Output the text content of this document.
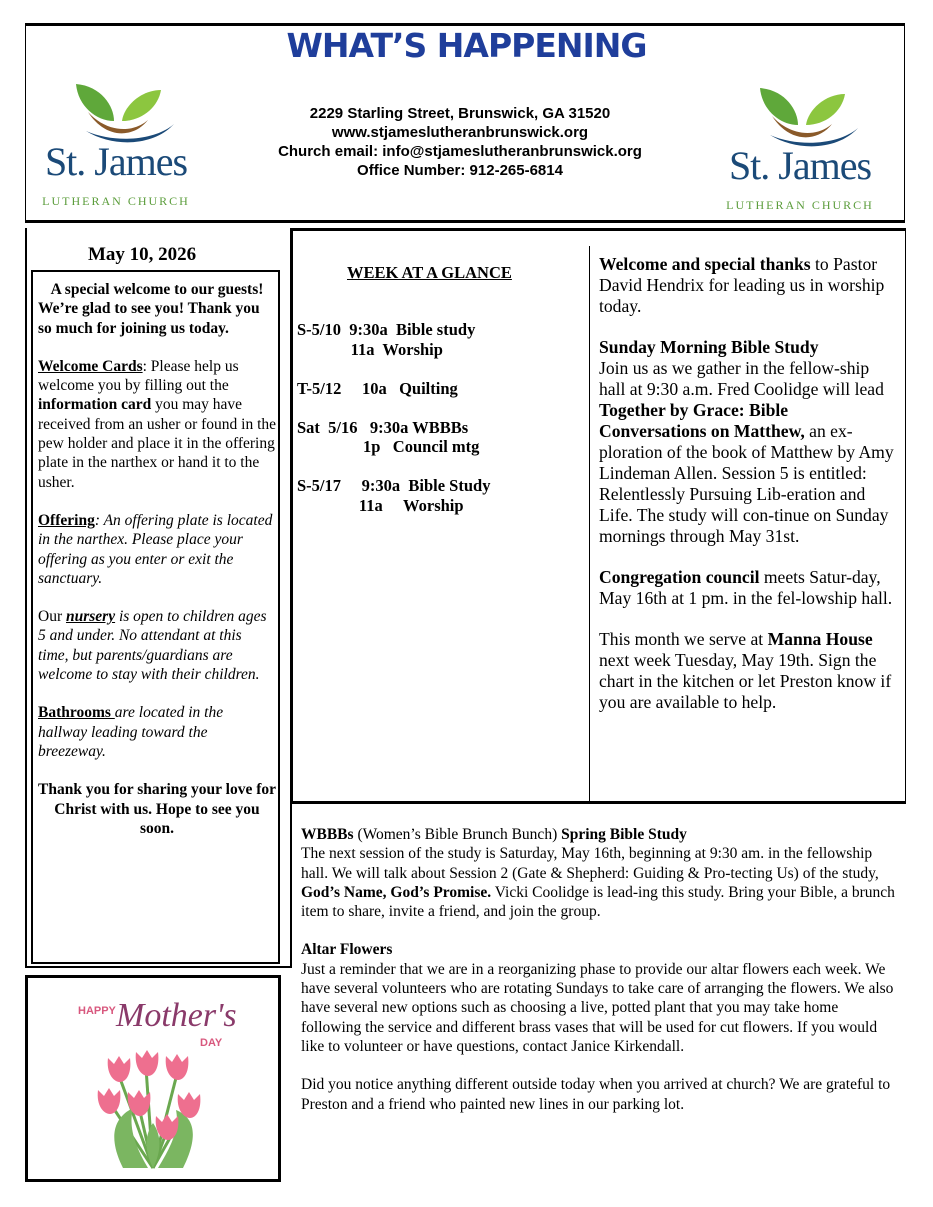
WHAT’S HAPPENING
St. James
LUTHERAN CHURCH
St. James
LUTHERAN CHURCH
2229 Starling Street, Brunswick, GA 31520
www.stjameslutheranbrunswick.org
Church email: info@stjameslutheranbrunswick.org
Office Number: 912-265-6814
May 10, 2026

A special welcome to our guests!
We’re glad to see you! Thank you so much for joining us today.

Welcome Cards: Please help us welcome you by filling out the information card you may have received from an usher or found in the pew holder and place it in the offering plate in the narthex or hand it to the usher.

Offering: An offering plate is located in the narthex. Please place your offering as you enter or exit the sanctuary.

Our nursery is open to children ages 5 and under. No attendant at this time, but parents/guardians are welcome to stay with their children.

Bathrooms are located in the hallway leading toward the breezeway.

Thank you for sharing your love for Christ with us. Hope to see you soon.

HAPPY Mother's
DAY
WEEK AT A GLANCE
S-5/10  9:30a  Bible study
11a  Worship

T-5/12     10a   Quilting

Sat  5/16   9:30a WBBBs
1p   Council mtg

S-5/17     9:30a  Bible Study
11a     Worship

Welcome and special thanks to Pastor David Hendrix for leading us in worship today.

Sunday Morning Bible Study
Join us as we gather in the fellow-ship hall at 9:30 a.m. Fred Coolidge will lead Together by Grace: Bible Conversations on Matthew, an ex-ploration of the book of Matthew by Amy Lindeman Allen. Session 5 is entitled: Relentlessly Pursuing Lib-eration and Life. The study will con-tinue on Sunday mornings through May 31st.

Congregation council meets Satur-day, May 16th at 1 pm. in the fel-lowship hall.

This month we serve at Manna House next week Tuesday, May 19th. Sign the chart in the kitchen or let Preston know if you are available to help.

WBBBs (Women’s Bible Brunch Bunch) Spring Bible Study
The next session of the study is Saturday, May 16th, beginning at 9:30 am. in the fellowship hall. We will talk about Session 2 (Gate & Shepherd: Guiding & Pro-tecting Us) of the study, God’s Name, God’s Promise. Vicki Coolidge is lead-ing this study. Bring your Bible, a brunch item to share, invite a friend, and join the group.

Altar Flowers
Just a reminder that we are in a reorganizing phase to provide our altar flowers each week. We have several volunteers who are rotating Sundays to take care of arranging the flowers. We also have several new options such as choosing a live, potted plant that you may take home following the service and different brass vases that will be used for cut flowers. If you would like to volunteer or have questions, contact Janice Kirkendall.

Did you notice anything different outside today when you arrived at church? We are grateful to Preston and a friend who painted new lines in our parking lot.
